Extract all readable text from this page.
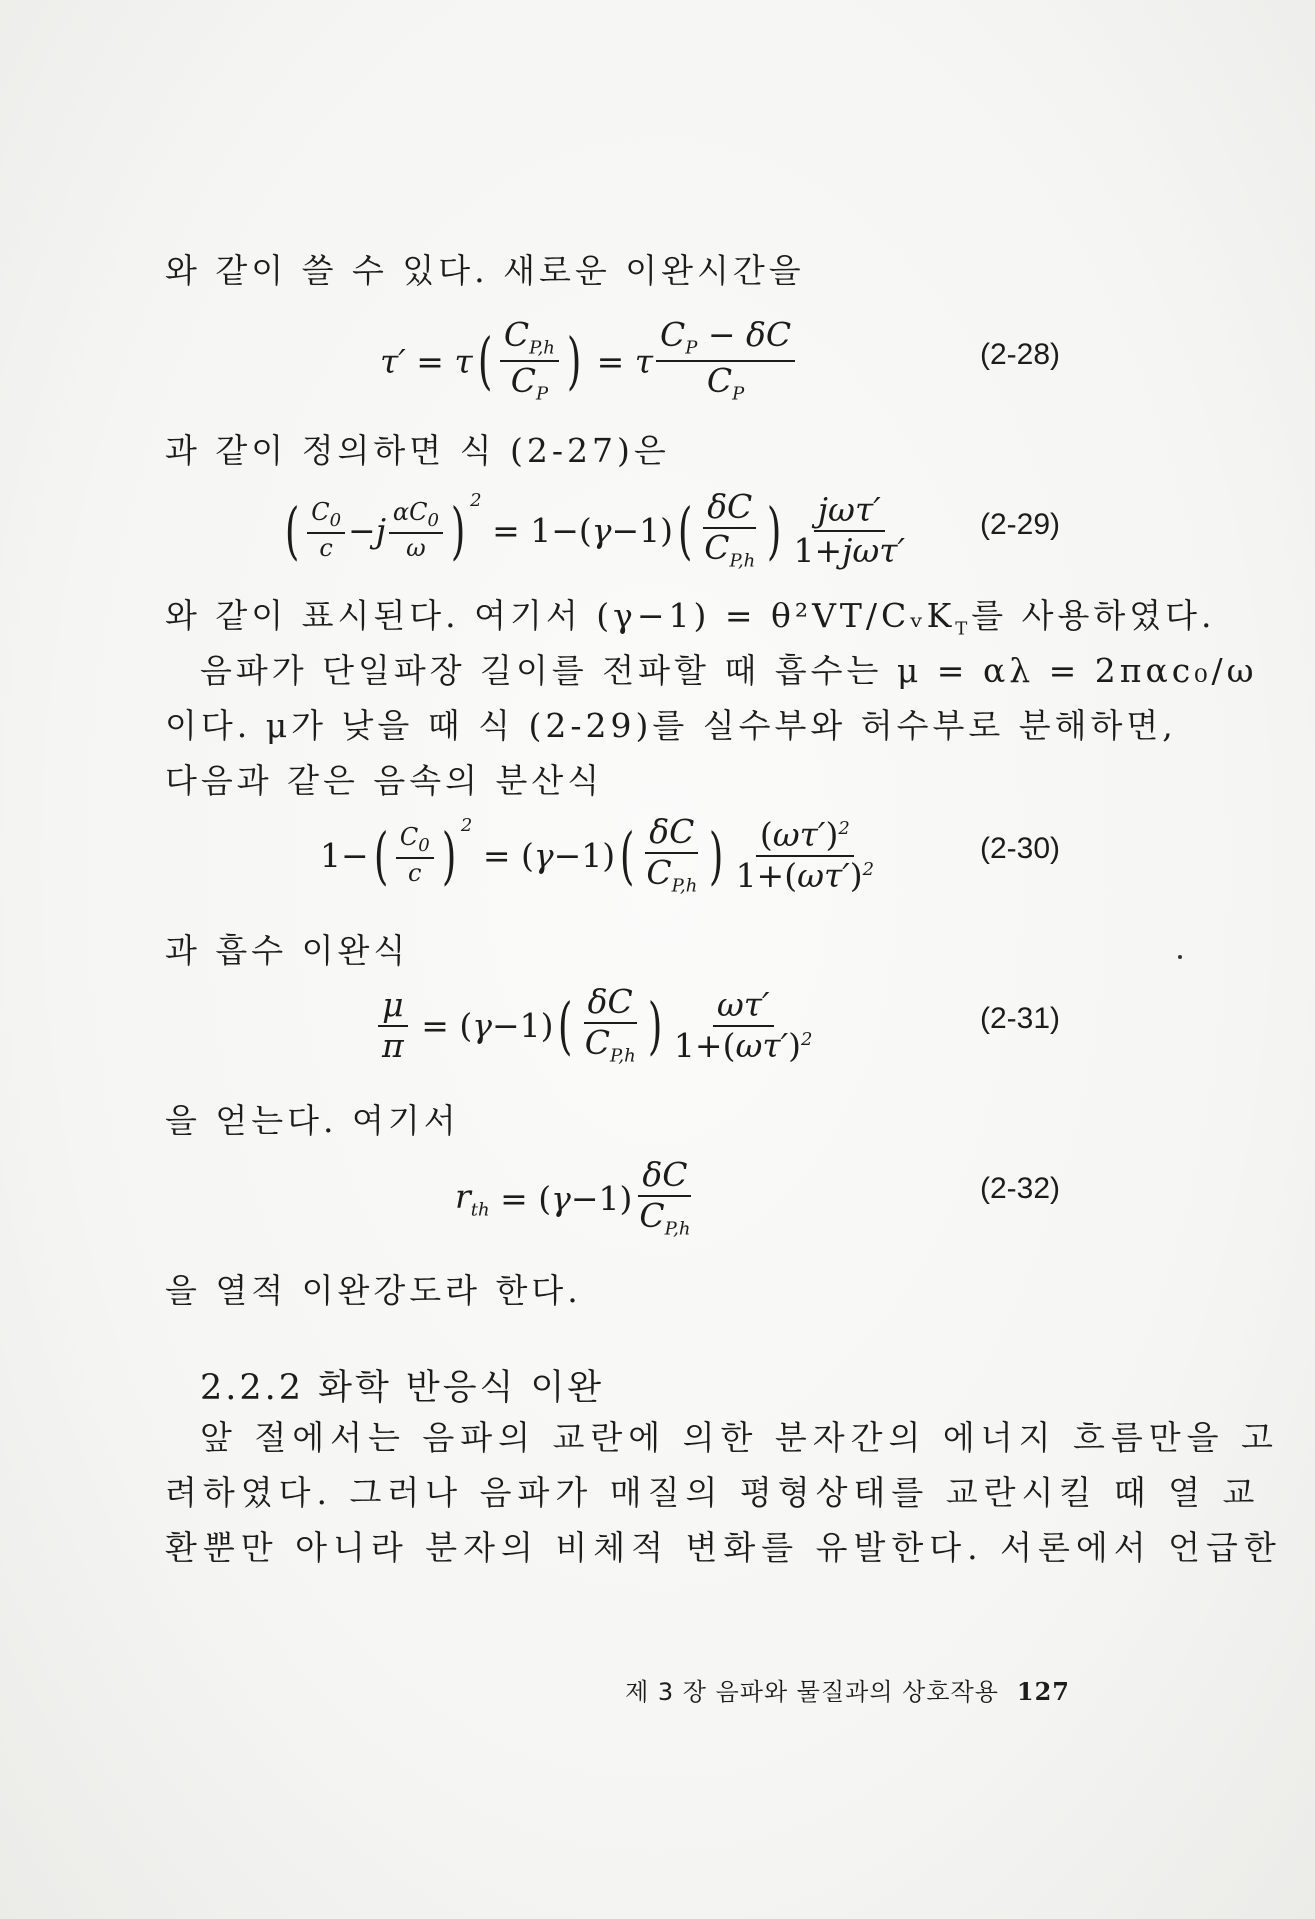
와 같이 쓸 수 있다. 새로운 이완시간을
τ′ = τ ( $\frac{C_{P,h}}{C_P}$ ) = τ $\frac{C_P - \delta C}{C_P}$	(2-28)
과 같이 정의하면 식 (2-27)은
( $\frac{C_0}{c} - j \frac{\alpha C_0}{\omega}$ ) $^2$
= 1−( γ −1) ( $\frac{\delta C}{C_{P,h}}$ ) $\frac{\text{jωτ′}}{\text{1+jωτ′}} (2-29)$
와 같이 표시된다. 여기서 (γ−1) = θ²VT/CᵥK$_T$를 사용하였다.
음파가 단일파장 길이를 전파할 때 흡수는 μ = αλ = 2παc₀/ω
이다. μ가 낮을 때 식 (2-29)를 실수부와 허수부로 분해하면,
다음과 같은 음속의 분산식
1− ( $\frac{C_0}{c}$ ) $^2$
= ( γ −1) ( $\frac{\delta C}{C_{P,h}}$ ) $\frac{(\omega\tau')^2}{1+(\omega\tau')^2}$	(2-30)
과 흡수 이완식
$\frac{\mu}{\pi}$ = ( γ −1) ( $\frac{\delta C}{C_{P,h}}$ ) $\frac{\omega\tau'}{1+(\omega\tau')^2}$	(2-31)
을 얻는다. 여기서
$r_{th}$ = ( $\gamma -1) \frac{\delta C}{C_{P,h}}$	(2-32)
을 열적 이완강도라 한다.
2.2.2 화학 반응식 이완
앞 절에서는 음파의 교란에 의한 분자간의 에너지 흐름만을 고
려하였다. 그러나 음파가 매질의 평형상태를 교란시킬 때 열 교
환뿐만 아니라 분자의 비체적 변화를 유발한다. 서론에서 언급한
제 3 장 음파와 물질과의 상호작용 127
